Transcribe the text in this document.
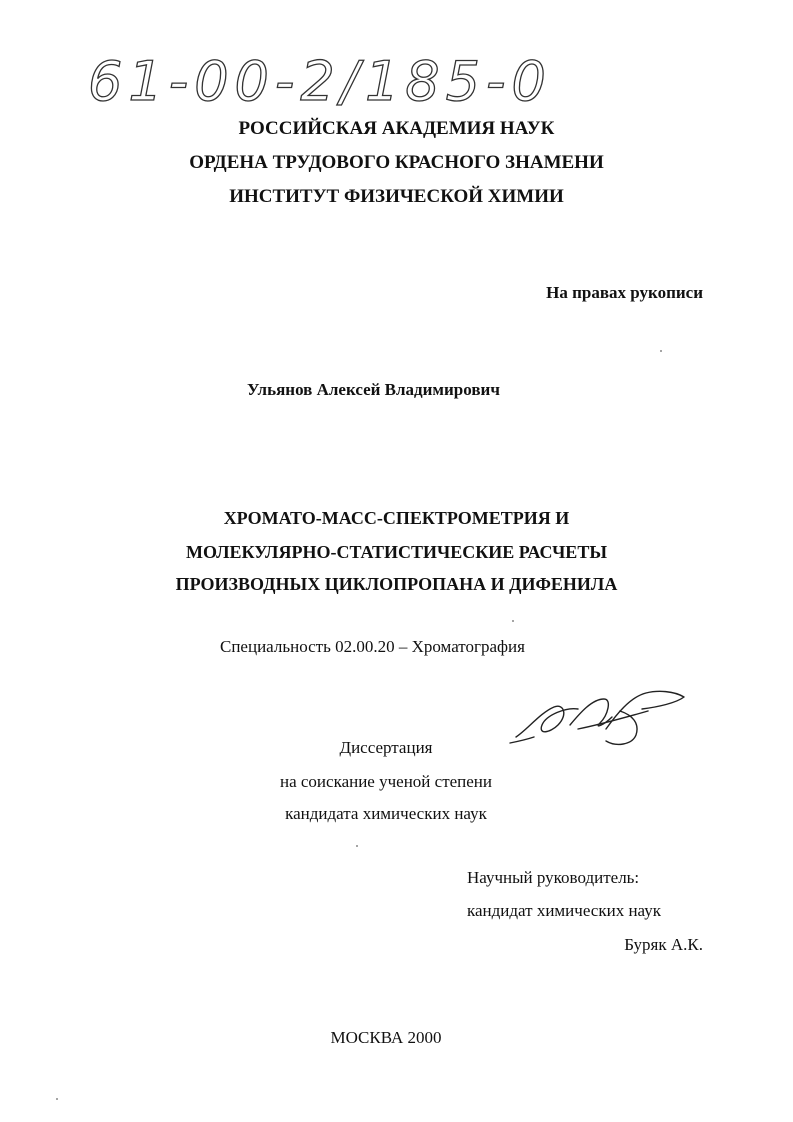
61-00-2/185-0
РОССИЙСКАЯ АКАДЕМИЯ НАУК
ОРДЕНА ТРУДОВОГО КРАСНОГО ЗНАМЕНИ
ИНСТИТУТ ФИЗИЧЕСКОЙ ХИМИИ
На правах рукописи
Ульянов Алексей Владимирович
ХРОМАТО-МАСС-СПЕКТРОМЕТРИЯ И
МОЛЕКУЛЯРНО-СТАТИСТИЧЕСКИЕ РАСЧЕТЫ
ПРОИЗВОДНЫХ ЦИКЛОПРОПАНА И ДИФЕНИЛА
Специальность 02.00.20 – Хроматография
Диссертация
на соискание ученой степени
кандидата химических наук
Научный руководитель:
кандидат химических наук
Буряк А.К.
МОСКВА 2000
